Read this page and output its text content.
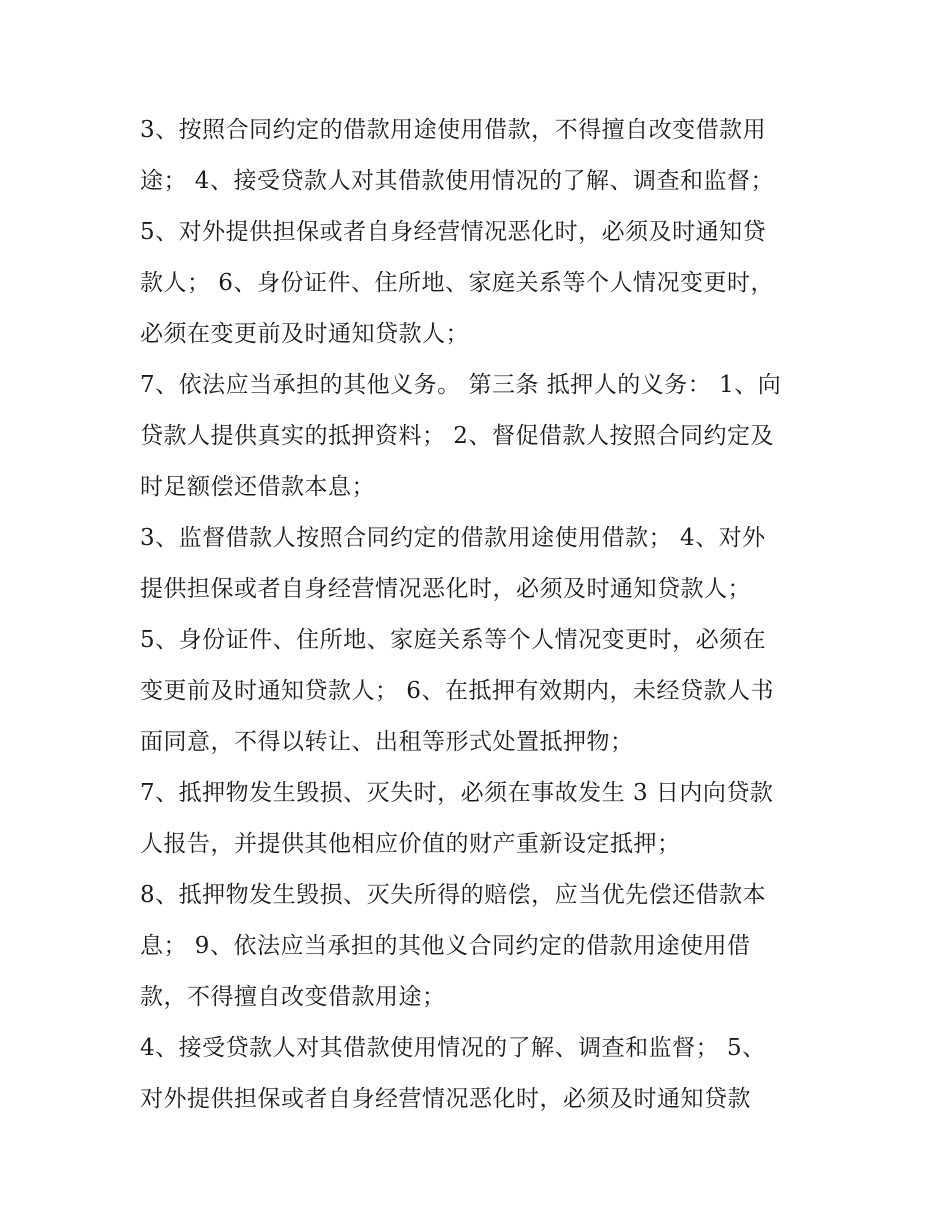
3、按照合同约定的借款用途使用借款，不得擅自改变借款用
途； 4、接受贷款人对其借款使用情况的了解、调查和监督；
5、对外提供担保或者自身经营情况恶化时，必须及时通知贷
款人； 6、身份证件、住所地、家庭关系等个人情况变更时，
必须在变更前及时通知贷款人；
7、依法应当承担的其他义务。 第三条 抵押人的义务： 1、向
贷款人提供真实的抵押资料； 2、督促借款人按照合同约定及
时足额偿还借款本息；
3、监督借款人按照合同约定的借款用途使用借款； 4、对外
提供担保或者自身经营情况恶化时，必须及时通知贷款人；
5、身份证件、住所地、家庭关系等个人情况变更时，必须在
变更前及时通知贷款人； 6、在抵押有效期内，未经贷款人书
面同意，不得以转让、出租等形式处置抵押物；
7、抵押物发生毁损、灭失时，必须在事故发生 3 日内向贷款
人报告，并提供其他相应价值的财产重新设定抵押；
8、抵押物发生毁损、灭失所得的赔偿，应当优先偿还借款本
息； 9、依法应当承担的其他义合同约定的借款用途使用借
款，不得擅自改变借款用途；
4、接受贷款人对其借款使用情况的了解、调查和监督； 5、
对外提供担保或者自身经营情况恶化时，必须及时通知贷款
